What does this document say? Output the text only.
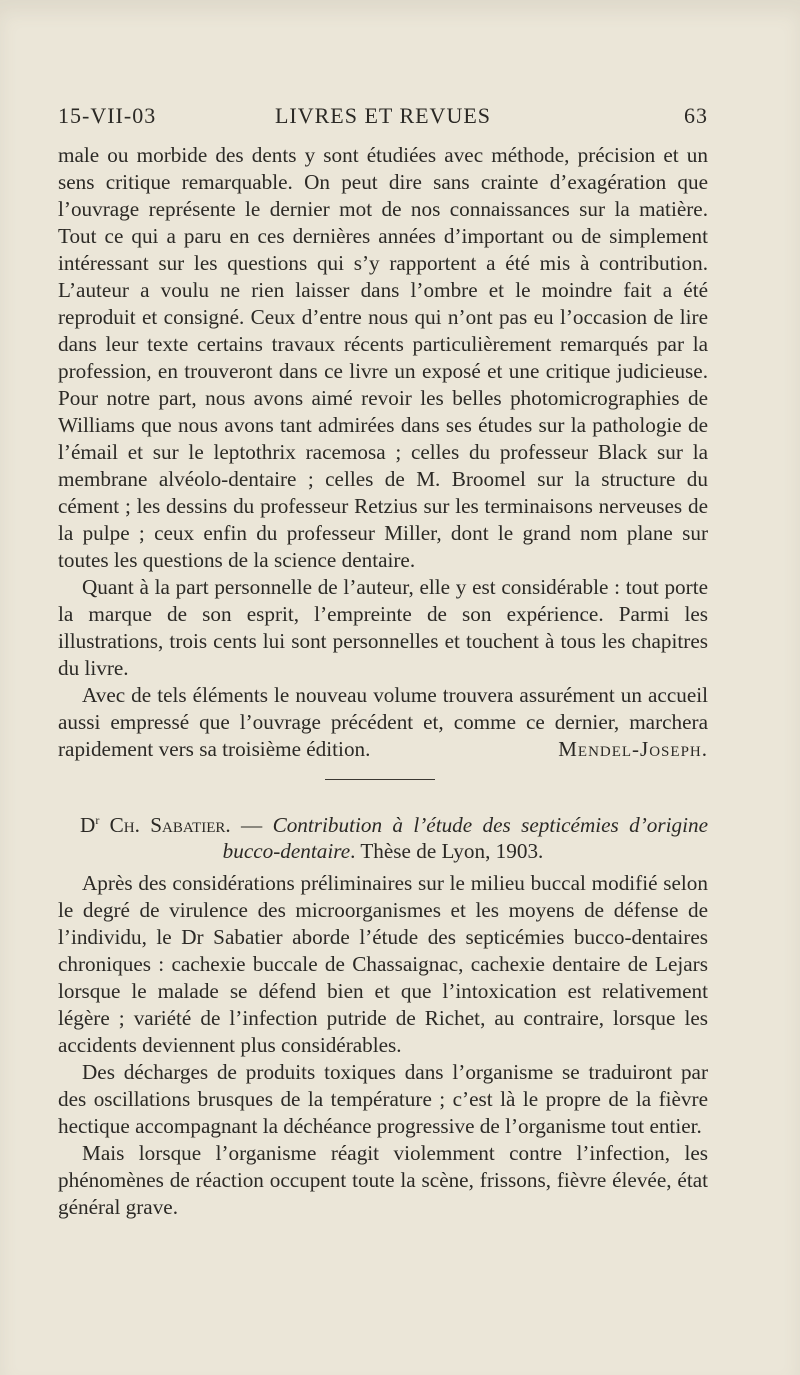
15-VII-03	LIVRES ET REVUES	63

male ou morbide des dents y sont étudiées avec méthode, précision et un sens critique remarquable. On peut dire sans crainte d’exagération que l’ouvrage représente le dernier mot de nos connaissances sur la matière. Tout ce qui a paru en ces dernières années d’important ou de simplement intéressant sur les questions qui s’y rapportent a été mis à contribution. L’auteur a voulu ne rien laisser dans l’ombre et le moindre fait a été reproduit et consigné. Ceux d’entre nous qui n’ont pas eu l’occasion de lire dans leur texte certains travaux récents particulièrement remarqués par la profession, en trouveront dans ce livre un exposé et une critique judicieuse. Pour notre part, nous avons aimé revoir les belles photomicrographies de Williams que nous avons tant admirées dans ses études sur la pathologie de l’émail et sur le leptothrix racemosa ; celles du professeur Black sur la membrane alvéolo-dentaire ; celles de M. Broomel sur la structure du cément ; les dessins du professeur Retzius sur les terminaisons nerveuses de la pulpe ; ceux enfin du professeur Miller, dont le grand nom plane sur toutes les questions de la science dentaire.

Quant à la part personnelle de l’auteur, elle y est considérable : tout porte la marque de son esprit, l’empreinte de son expérience. Parmi les illustrations, trois cents lui sont personnelles et touchent à tous les chapitres du livre.

Avec de tels éléments le nouveau volume trouvera assurément un accueil aussi empressé que l’ouvrage précédent et, comme ce dernier, marchera rapidement vers sa troisième édition.	Mendel-Joseph.
$D^r$ Ch. Sabatier. — Contribution à l’étude des septicémies d’origine
bucco-dentaire. Thèse de Lyon, 1903.

Après des considérations préliminaires sur le milieu buccal modifié selon le degré de virulence des microorganismes et les moyens de défense de l’individu, le Dr Sabatier aborde l’étude des septicémies bucco-dentaires chroniques : cachexie buccale de Chassaignac, cachexie dentaire de Lejars lorsque le malade se défend bien et que l’intoxication est relativement légère ; variété de l’infection putride de Richet, au contraire, lorsque les accidents deviennent plus considérables.

Des décharges de produits toxiques dans l’organisme se traduiront par des oscillations brusques de la température ; c’est là le propre de la fièvre hectique accompagnant la déchéance progressive de l’organisme tout entier.

Mais lorsque l’organisme réagit violemment contre l’infection, les phénomènes de réaction occupent toute la scène, frissons, fièvre élevée, état général grave.
